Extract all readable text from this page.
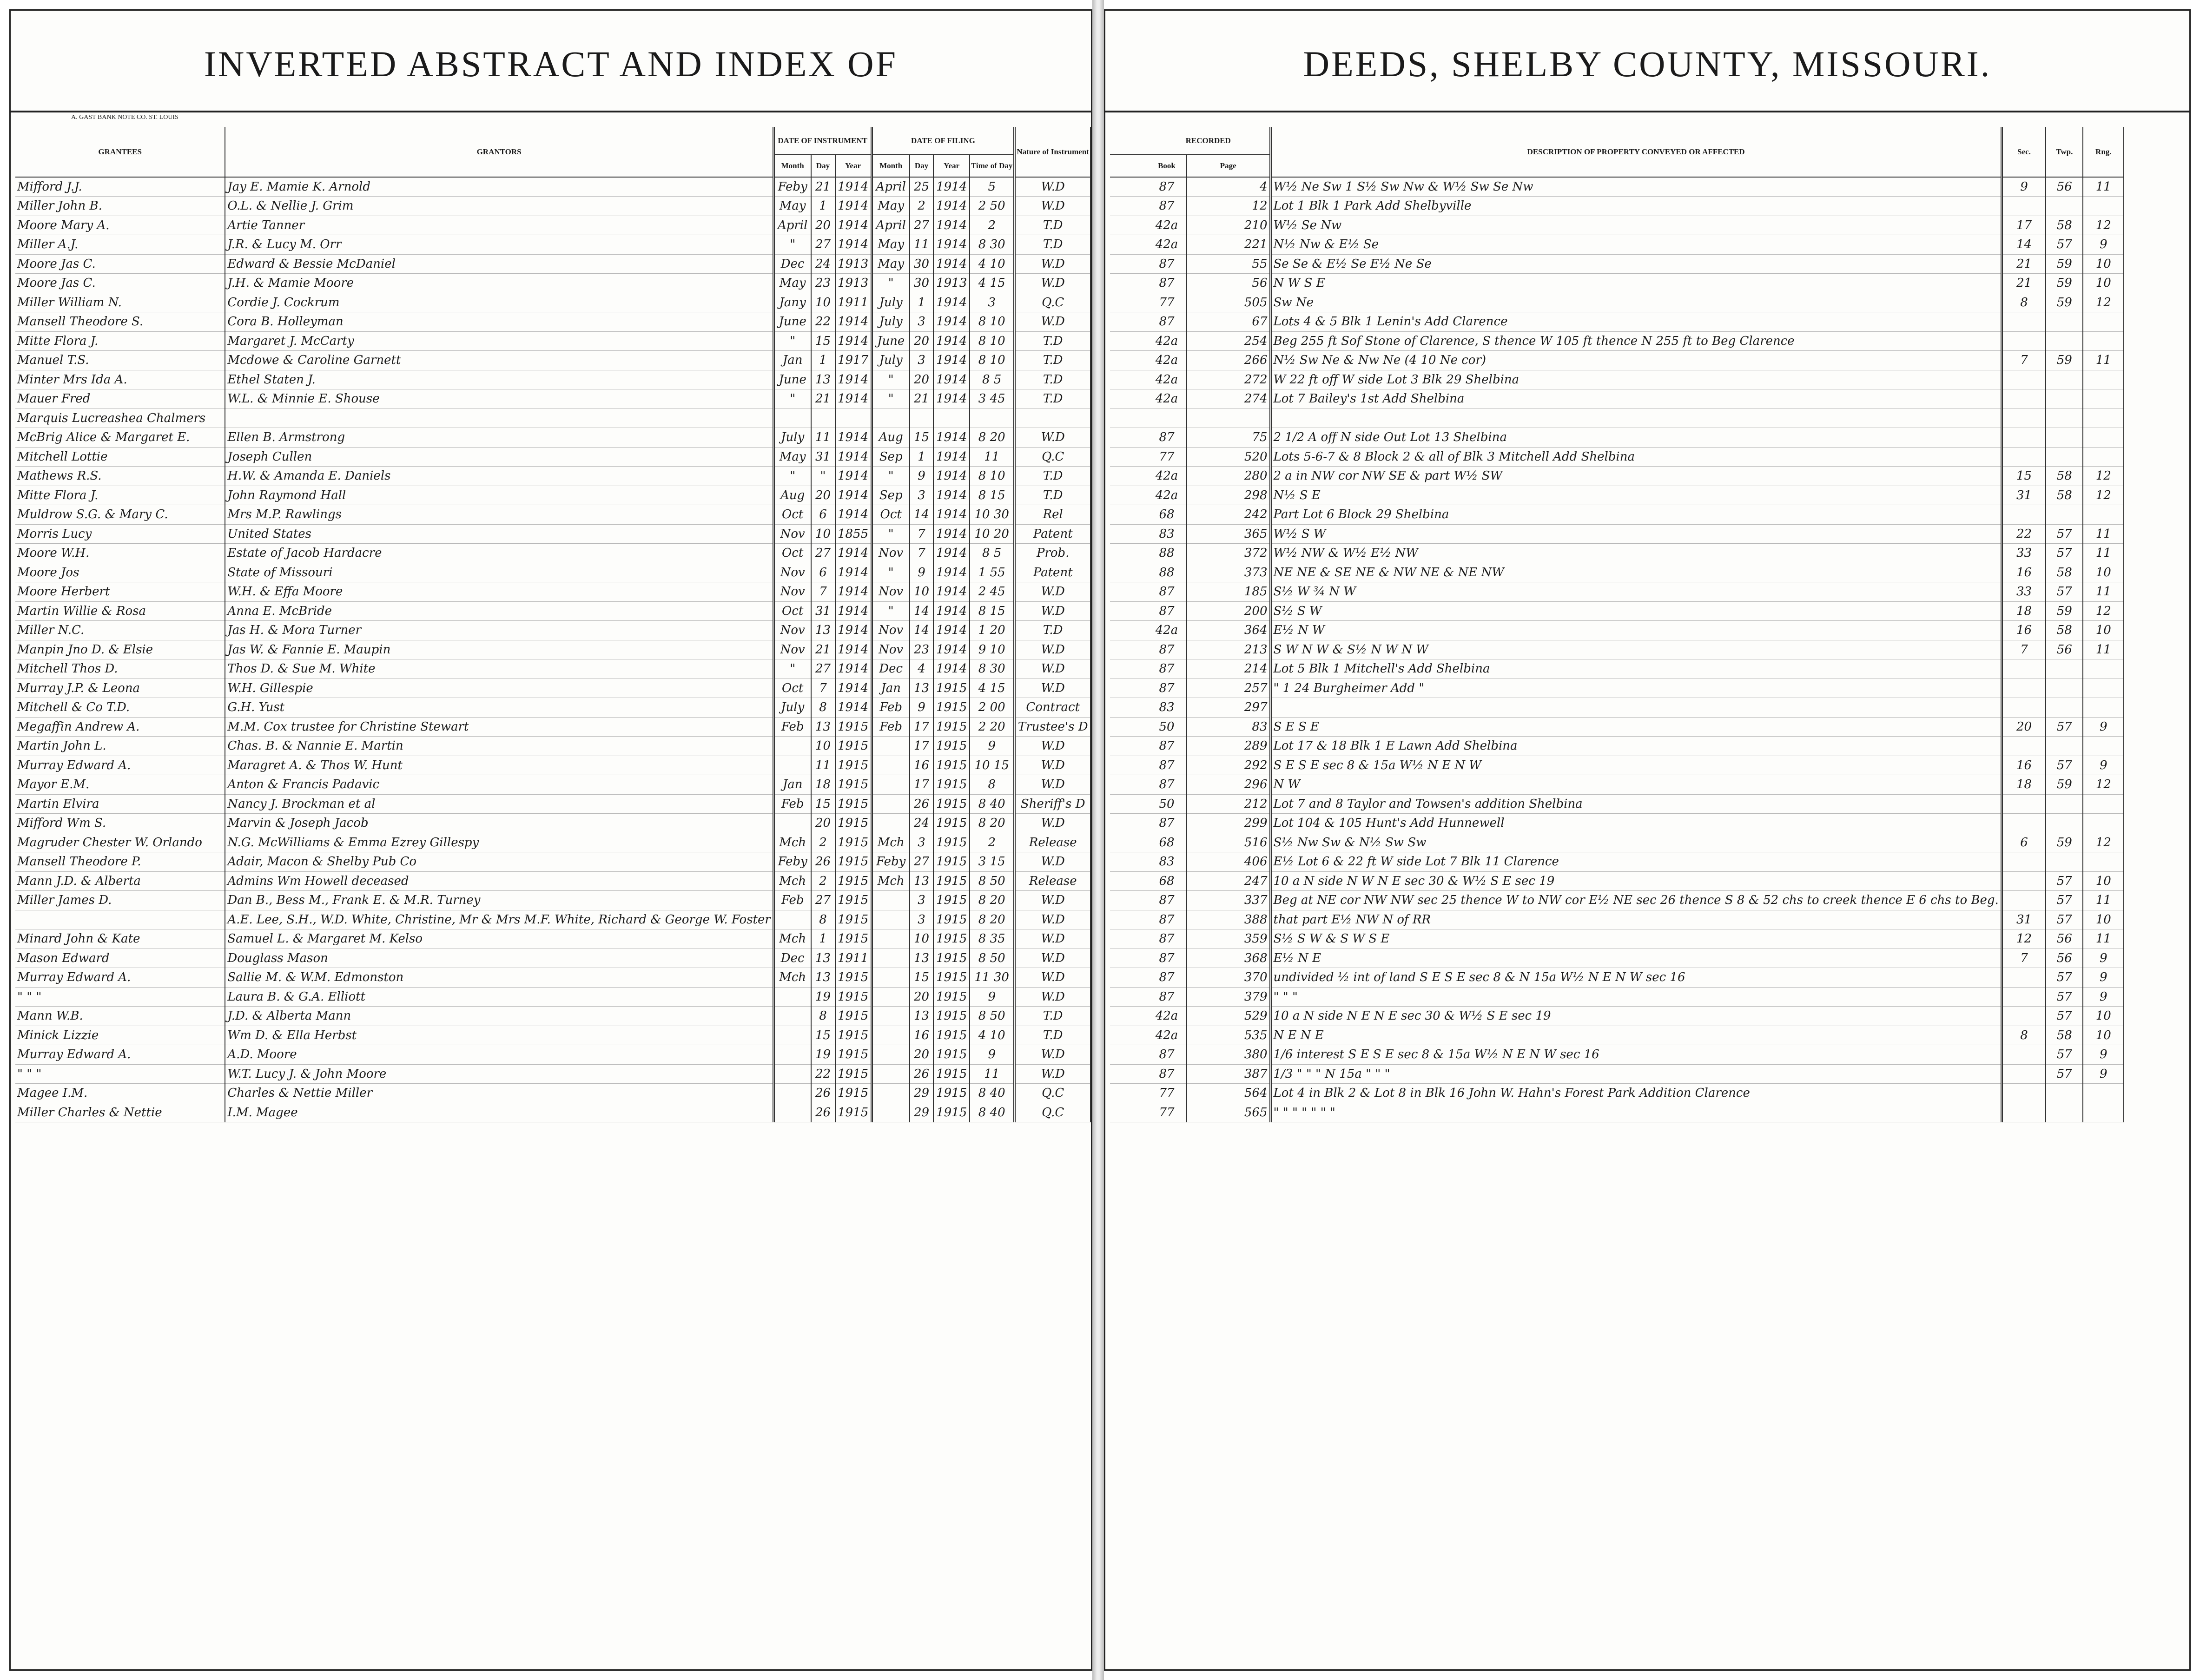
INVERTED ABSTRACT AND INDEX OF
A. GAST BANK NOTE CO. ST. LOUIS
GRANTEES	GRANTORS	DATE OF INSTRUMENT			DATE OF FILING				Nature of Instrument
		Month	Day	Year	Month	Day	Year	Time of Day	
Mifford J.J.	Jay E. Mamie K. Arnold	Feby	21	1914	April	25	1914	5	W.D
Miller John B.	O.L. & Nellie J. Grim	May	1	1914	May	2	1914	2 50	W.D
Moore Mary A.	Artie Tanner	April	20	1914	April	27	1914	2	T.D
Miller A.J.	J.R. & Lucy M. Orr	"	27	1914	May	11	1914	8 30	T.D
Moore Jas C.	Edward & Bessie McDaniel	Dec	24	1913	May	30	1914	4 10	W.D
Moore Jas C.	J.H. & Mamie Moore	May	23	1913	"	30	1913	4 15	W.D
Miller William N.	Cordie J. Cockrum	Jany	10	1911	July	1	1914	3	Q.C
Mansell Theodore S.	Cora B. Holleyman	June	22	1914	July	3	1914	8 10	W.D
Mitte Flora J.	Margaret J. McCarty	"	15	1914	June	20	1914	8 10	T.D
Manuel T.S.	Mcdowe & Caroline Garnett	Jan	1	1917	July	3	1914	8 10	T.D
Minter Mrs Ida A.	Ethel Staten J.	June	13	1914	"	20	1914	8 5	T.D
Mauer Fred	W.L. & Minnie E. Shouse	"	21	1914	"	21	1914	3 45	T.D
Marquis Lucreashea Chalmers									
McBrig Alice & Margaret E.	Ellen B. Armstrong	July	11	1914	Aug	15	1914	8 20	W.D
Mitchell Lottie	Joseph Cullen	May	31	1914	Sep	1	1914	11	Q.C
Mathews R.S.	H.W. & Amanda E. Daniels	"	"	1914	"	9	1914	8 10	T.D
Mitte Flora J.	John Raymond Hall	Aug	20	1914	Sep	3	1914	8 15	T.D
Muldrow S.G. & Mary C.	Mrs M.P. Rawlings	Oct	6	1914	Oct	14	1914	10 30	Rel
Morris Lucy	United States	Nov	10	1855	"	7	1914	10 20	Patent
Moore W.H.	Estate of Jacob Hardacre	Oct	27	1914	Nov	7	1914	8 5	Prob.
Moore Jos	State of Missouri	Nov	6	1914	"	9	1914	1 55	Patent
Moore Herbert	W.H. & Effa Moore	Nov	7	1914	Nov	10	1914	2 45	W.D
Martin Willie & Rosa	Anna E. McBride	Oct	31	1914	"	14	1914	8 15	W.D
Miller N.C.	Jas H. & Mora Turner	Nov	13	1914	Nov	14	1914	1 20	T.D
Manpin Jno D. & Elsie	Jas W. & Fannie E. Maupin	Nov	21	1914	Nov	23	1914	9 10	W.D
Mitchell Thos D.	Thos D. & Sue M. White	"	27	1914	Dec	4	1914	8 30	W.D
Murray J.P. & Leona	W.H. Gillespie	Oct	7	1914	Jan	13	1915	4 15	W.D
Mitchell & Co T.D.	G.H. Yust	July	8	1914	Feb	9	1915	2 00	Contract
Megaffin Andrew A.	M.M. Cox trustee for Christine Stewart	Feb	13	1915	Feb	17	1915	2 20	Trustee's D
Martin John L.	Chas. B. & Nannie E. Martin		10	1915		17	1915	9	W.D
Murray Edward A.	Maragret A. & Thos W. Hunt		11	1915		16	1915	10 15	W.D
Mayor E.M.	Anton & Francis Padavic	Jan	18	1915		17	1915	8	W.D
Martin Elvira	Nancy J. Brockman et al	Feb	15	1915		26	1915	8 40	Sheriff's D
Mifford Wm S.	Marvin & Joseph Jacob		20	1915		24	1915	8 20	W.D
Magruder Chester W. Orlando	N.G. McWilliams & Emma Ezrey Gillespy	Mch	2	1915	Mch	3	1915	2	Release
Mansell Theodore P.	Adair, Macon & Shelby Pub Co	Feby	26	1915	Feby	27	1915	3 15	W.D
Mann J.D. & Alberta	Admins Wm Howell deceased	Mch	2	1915	Mch	13	1915	8 50	Release
Miller James D.	Dan B., Bess M., Frank E. & M.R. Turney	Feb	27	1915		3	1915	8 20	W.D
	A.E. Lee, S.H., W.D. White, Christine, Mr & Mrs M.F. White, Richard & George W. Foster		8	1915		3	1915	8 20	W.D
Minard John & Kate	Samuel L. & Margaret M. Kelso	Mch	1	1915		10	1915	8 35	W.D
Mason Edward	Douglass Mason	Dec	13	1911		13	1915	8 50	W.D
Murray Edward A.	Sallie M. & W.M. Edmonston	Mch	13	1915		15	1915	11 30	W.D
" " "	Laura B. & G.A. Elliott		19	1915		20	1915	9	W.D
Mann W.B.	J.D. & Alberta Mann		8	1915		13	1915	8 50	T.D
Minick Lizzie	Wm D. & Ella Herbst		15	1915		16	1915	4 10	T.D
Murray Edward A.	A.D. Moore		19	1915		20	1915	9	W.D
" " "	W.T. Lucy J. & John Moore		22	1915		26	1915	11	W.D
Magee I.M.	Charles & Nettie Miller		26	1915		29	1915	8 40	Q.C
Miller Charles & Nettie	I.M. Magee		26	1915		29	1915	8 40	Q.C
DEEDS, SHELBY COUNTY, MISSOURI.
	RECORDED		DESCRIPTION OF PROPERTY CONVEYED OR AFFECTED	Sec.	Twp.	Rng.
	Book	Page				
	87	4	W½ Ne Sw 1 S½ Sw Nw & W½ Sw Se Nw	9	56	11
	87	12	Lot 1 Blk 1 Park Add Shelbyville			
	42a	210	W½ Se Nw	17	58	12
	42a	221	N½ Nw & E½ Se	14	57	9
	87	55	Se Se & E½ Se E½ Ne Se	21	59	10
	87	56	N W S E	21	59	10
	77	505	Sw Ne	8	59	12
	87	67	Lots 4 & 5 Blk 1 Lenin's Add Clarence			
	42a	254	Beg 255 ft Sof Stone of Clarence, S thence W 105 ft thence N 255 ft to Beg Clarence			
	42a	266	N½ Sw Ne & Nw Ne (4 10 Ne cor)	7	59	11
	42a	272	W 22 ft off W side Lot 3 Blk 29 Shelbina			
	42a	274	Lot 7 Bailey's 1st Add Shelbina			

	87	75	2 1/2 A off N side Out Lot 13 Shelbina			
	77	520	Lots 5-6-7 & 8 Block 2 & all of Blk 3 Mitchell Add Shelbina			
	42a	280	2 a in NW cor NW SE & part W½ SW	15	58	12
	42a	298	N½ S E	31	58	12
	68	242	Part Lot 6 Block 29 Shelbina			
	83	365	W½ S W	22	57	11
	88	372	W½ NW & W½ E½ NW	33	57	11
	88	373	NE NE & SE NE & NW NE & NE NW	16	58	10
	87	185	S½ W ¾ N W	33	57	11
	87	200	S½ S W	18	59	12
	42a	364	E½ N W	16	58	10
	87	213	S W N W & S½ N W N W	7	56	11
	87	214	Lot 5 Blk 1 Mitchell's Add Shelbina			
	87	257	" 1 24 Burgheimer Add "			
	83	297				
	50	83	S E S E	20	57	9
	87	289	Lot 17 & 18 Blk 1 E Lawn Add Shelbina			
	87	292	S E S E sec 8 & 15a W½ N E N W	16	57	9
	87	296	N W	18	59	12
	50	212	Lot 7 and 8 Taylor and Towsen's addition Shelbina			
	87	299	Lot 104 & 105 Hunt's Add Hunnewell			
	68	516	S½ Nw Sw & N½ Sw Sw	6	59	12
	83	406	E½ Lot 6 & 22 ft W side Lot 7 Blk 11 Clarence			
	68	247	10 a N side N W N E sec 30 & W½ S E sec 19		57	10
	87	337	Beg at NE cor NW NW sec 25 thence W to NW cor E½ NE sec 26 thence S 8 & 52 chs to creek thence E 6 chs to Beg.		57	11
	87	388	that part E½ NW N of RR	31	57	10
	87	359	S½ S W & S W S E	12	56	11
	87	368	E½ N E	7	56	9
	87	370	undivided ½ int of land S E S E sec 8 & N 15a W½ N E N W sec 16		57	9
	87	379	" " "		57	9
	42a	529	10 a N side N E N E sec 30 & W½ S E sec 19		57	10
	42a	535	N E N E	8	58	10
	87	380	1/6 interest S E S E sec 8 & 15a W½ N E N W sec 16		57	9
	87	387	1/3 " " " N 15a " " "		57	9
	77	564	Lot 4 in Blk 2 & Lot 8 in Blk 16 John W. Hahn's Forest Park Addition Clarence			
	77	565	" " " " " " "			
